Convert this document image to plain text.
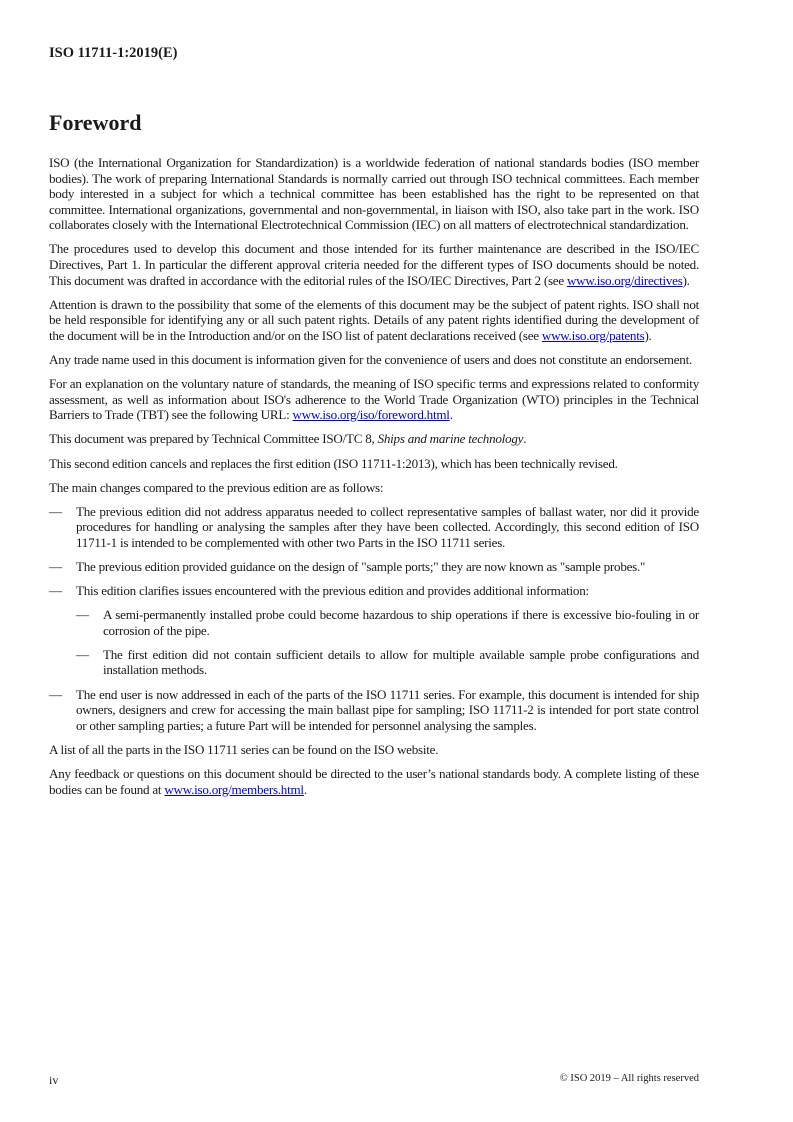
ISO 11711-1:2019(E)
Foreword

ISO (the International Organization for Standardization) is a worldwide federation of national standards bodies (ISO member bodies). The work of preparing International Standards is normally carried out through ISO technical committees. Each member body interested in a subject for which a technical committee has been established has the right to be represented on that committee. International organizations, governmental and non-governmental, in liaison with ISO, also take part in the work. ISO collaborates closely with the International Electrotechnical Commission (IEC) on all matters of electrotechnical standardization.

The procedures used to develop this document and those intended for its further maintenance are described in the ISO/IEC Directives, Part 1. In particular the different approval criteria needed for the different types of ISO documents should be noted. This document was drafted in accordance with the editorial rules of the ISO/IEC Directives, Part 2 (see www.iso.org/directives).

Attention is drawn to the possibility that some of the elements of this document may be the subject of patent rights. ISO shall not be held responsible for identifying any or all such patent rights. Details of any patent rights identified during the development of the document will be in the Introduction and/or on the ISO list of patent declarations received (see www.iso.org/patents).

Any trade name used in this document is information given for the convenience of users and does not constitute an endorsement.

For an explanation on the voluntary nature of standards, the meaning of ISO specific terms and expressions related to conformity assessment, as well as information about ISO's adherence to the World Trade Organization (WTO) principles in the Technical Barriers to Trade (TBT) see the following URL: www.iso.org/iso/foreword.html.

This document was prepared by Technical Committee ISO/TC 8, Ships and marine technology.

This second edition cancels and replaces the first edition (ISO 11711-1:2013), which has been technically revised.

The main changes compared to the previous edition are as follows:

—	The previous edition did not address apparatus needed to collect representative samples of ballast water, nor did it provide procedures for handling or analysing the samples after they have been collected. Accordingly, this second edition of ISO 11711-1 is intended to be complemented with other two Parts in the ISO 11711 series.
—	The previous edition provided guidance on the design of "sample ports;" they are now known as "sample probes."
—	This edition clarifies issues encountered with the previous edition and provides additional information:
—	A semi-permanently installed probe could become hazardous to ship operations if there is excessive bio-fouling in or corrosion of the pipe.
—	The first edition did not contain sufficient details to allow for multiple available sample probe configurations and installation methods.
—	The end user is now addressed in each of the parts of the ISO 11711 series. For example, this document is intended for ship owners, designers and crew for accessing the main ballast pipe for sampling; ISO 11711-2 is intended for port state control or other sampling parties; a future Part will be intended for personnel analysing the samples.

A list of all the parts in the ISO 11711 series can be found on the ISO website.

Any feedback or questions on this document should be directed to the user’s national standards body. A complete listing of these bodies can be found at www.iso.org/members.html.

iv	© ISO 2019 – All rights reserved
